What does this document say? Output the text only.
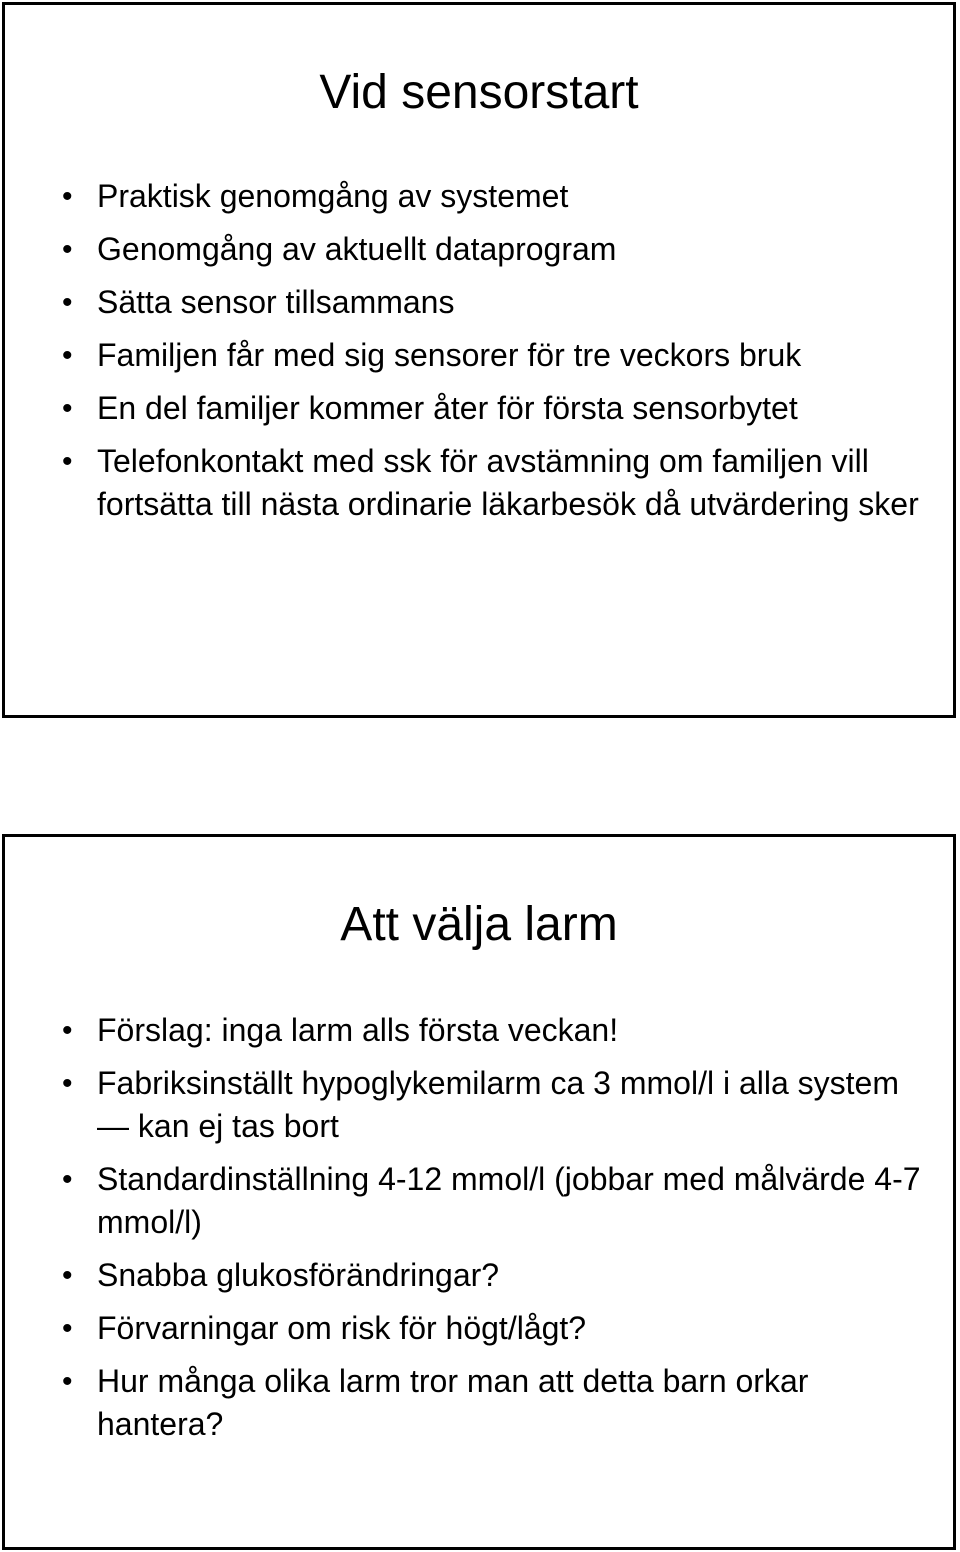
Vid sensorstart
• Praktisk genomgång av systemet
• Genomgång av aktuellt dataprogram
• Sätta sensor tillsammans
• Familjen får med sig sensorer för tre veckors bruk
• En del familjer kommer åter för första sensorbytet
• Telefonkontakt med ssk för avstämning om familjen vill fortsätta till nästa ordinarie läkarbesök då utvärdering sker
Att välja larm
• Förslag: inga larm alls första veckan!
• Fabriksinställt hypoglykemilarm ca 3 mmol/l i alla system — kan ej tas bort
• Standardinställning 4-12 mmol/l (jobbar med målvärde 4-7 mmol/l)
• Snabba glukosförändringar?
• Förvarningar om risk för högt/lågt?
• Hur många olika larm tror man att detta barn orkar hantera?
